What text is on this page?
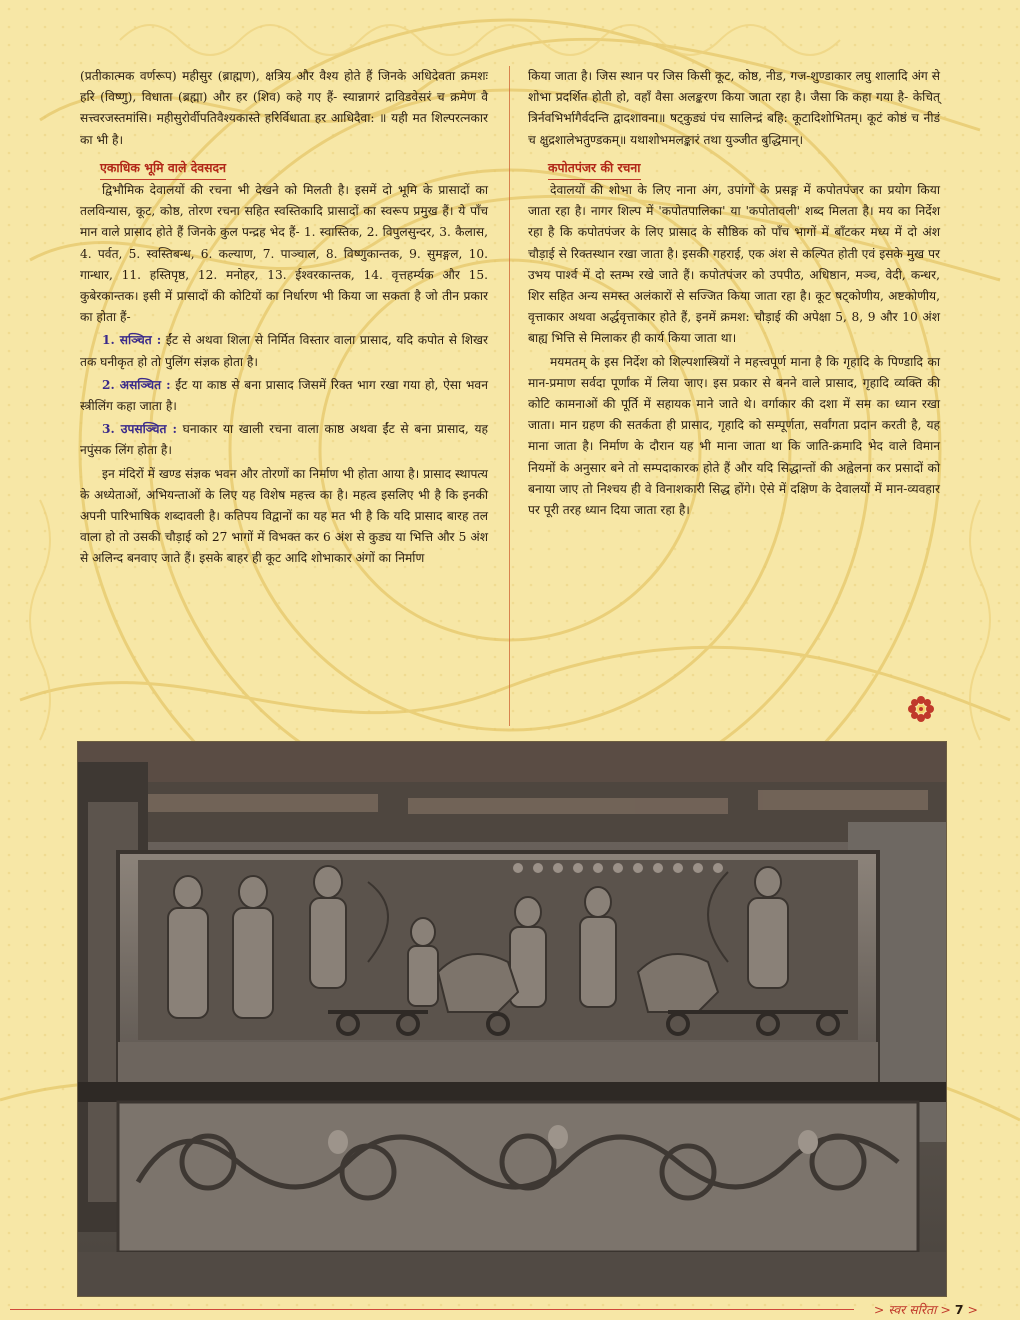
(प्रतीकात्मक वर्णरूप) महीसुर (ब्राह्मण), क्षत्रिय और वैश्य होते हैं जिनके अधिदेवता क्रमशः हरि (विष्णु), विधाता (ब्रह्मा) और हर (शिव) कहे गए हैं- स्यान्नागरं द्राविडवेसरं च क्रमेण वै सत्त्वरजस्तमांसि। महीसुरोर्वीपतिवैश्यकास्ते हरिर्विधाता हर आधिदैवा: ॥ यही मत शिल्परत्नकार का भी है।

एकाधिक भूमि वाले देवसदन

द्विभौमिक देवालयों की रचना भी देखने को मिलती है। इसमें दो भूमि के प्रासादों का तलविन्यास, कूट, कोष्ठ, तोरण रचना सहित स्वस्तिकादि प्रासादों का स्वरूप प्रमुख हैं। ये पाँच मान वाले प्रासाद होते हैं जिनके कुल पन्द्रह भेद हैं- 1. स्वास्तिक, 2. विपुलसुन्दर, 3. कैलास, 4. पर्वत, 5. स्वस्तिबन्ध, 6. कल्याण, 7. पाञ्चाल, 8. विष्णुकान्तक, 9. सुमङ्गल, 10. गान्धार, 11. हस्तिपृष्ठ, 12. मनोहर, 13. ईश्वरकान्तक, 14. वृत्तहर्म्यक और 15. कुबेरकान्तक। इसी में प्रासादों की कोटियों का निर्धारण भी किया जा सकता है जो तीन प्रकार का होता हैं-

1. सञ्चित : ईंट से अथवा शिला से निर्मित विस्तार वाला प्रासाद, यदि कपोत से शिखर तक घनीकृत हो तो पुलिंग संज्ञक होता है।

2. असञ्चित : ईंट या काष्ठ से बना प्रासाद जिसमें रिक्त भाग रखा गया हो, ऐसा भवन स्त्रीलिंग कहा जाता है।

3. उपसञ्चित : घनाकार या खाली रचना वाला काष्ठ अथवा ईंट से बना प्रासाद, यह नपुंसक लिंग होता है।

इन मंदिरों में खण्ड संज्ञक भवन और तोरणों का निर्माण भी होता आया है। प्रासाद स्थापत्य के अध्येताओं, अभियन्ताओं के लिए यह विशेष महत्त्व का है। महत्व इसलिए भी है कि इनकी अपनी पारिभाषिक शब्दावली है। कतिपय विद्वानों का यह मत भी है कि यदि प्रासाद बारह तल वाला हो तो उसकी चौड़ाई को 27 भागों में विभक्त कर 6 अंश से कुड्य या भित्ति और 5 अंश से अलिन्द बनवाए जाते हैं। इसके बाहर ही कूट आदि शोभाकार अंगों का निर्माण

किया जाता है। जिस स्थान पर जिस किसी कूट, कोष्ठ, नीड, गज-शुण्डाकार लघु शालादि अंग से शोभा प्रदर्शित होती हो, वहाँ वैसा अलङ्करण किया जाता रहा है। जैसा कि कहा गया है- केचित् त्रिर्नवभिर्भागैर्वदन्ति द्वादशावना॥ षट्कुड्यं पंच सालिन्द्रं बहि: कूटादिशोभितम्। कूटं कोष्ठं च नीडं च क्षुद्रशालेभतुण्डकम्॥ यथाशोभमलङ्कारं तथा युञ्जीत बुद्धिमान्।

कपोतपंजर की रचना

देवालयों की शोभा के लिए नाना अंग, उपांगों के प्रसङ्ग में कपोतपंजर का प्रयोग किया जाता रहा है। नागर शिल्प में 'कपोतपालिका' या 'कपोतावली' शब्द मिलता है। मय का निर्देश रहा है कि कपोतपंजर के लिए प्रासाद के सौष्ठिक को पाँच भागों में बाँटकर मध्य में दो अंश चौड़ाई से रिक्तस्थान रखा जाता है। इसकी गहराई, एक अंश से कल्पित होती एवं इसके मुख पर उभय पार्श्व में दो स्तम्भ रखे जाते हैं। कपोतपंजर को उपपीठ, अधिष्ठान, मञ्च, वेदी, कन्धर, शिर सहित अन्य समस्त अलंकारों से सज्जित किया जाता रहा है। कूट षट्कोणीय, अष्टकोणीय, वृत्ताकार अथवा अर्द्धवृत्ताकार होते हैं, इनमें क्रमश: चौड़ाई की अपेक्षा 5, 8, 9 और 10 अंश बाह्य भित्ति से मिलाकर ही कार्य किया जाता था।

मयमतम् के इस निर्देश को शिल्पशास्त्रियों ने महत्त्वपूर्ण माना है कि गृहादि के पिण्डादि का मान-प्रमाण सर्वदा पूर्णांक में लिया जाए। इस प्रकार से बनने वाले प्रासाद, गृहादि व्यक्ति की कोटि कामनाओं की पूर्ति में सहायक माने जाते थे। वर्गाकार की दशा में सम का ध्यान रखा जाता। मान ग्रहण की सतर्कता ही प्रासाद, गृहादि को सम्पूर्णता, सर्वांगता प्रदान करती है, यह माना जाता है। निर्माण के दौरान यह भी माना जाता था कि जाति-क्रमादि भेद वाले विमान नियमों के अनुसार बने तो सम्पदाकारक होते हैं और यदि सिद्धान्तों की अह्वेलना कर प्रसादों को बनाया जाए तो निश्चय ही वे विनाशकारी सिद्ध होंगे। ऐसे में दक्षिण के देवालयों में मान-व्यवहार पर पूरी तरह ध्यान दिया जाता रहा है।

> स्वर सरिता > 7 >
